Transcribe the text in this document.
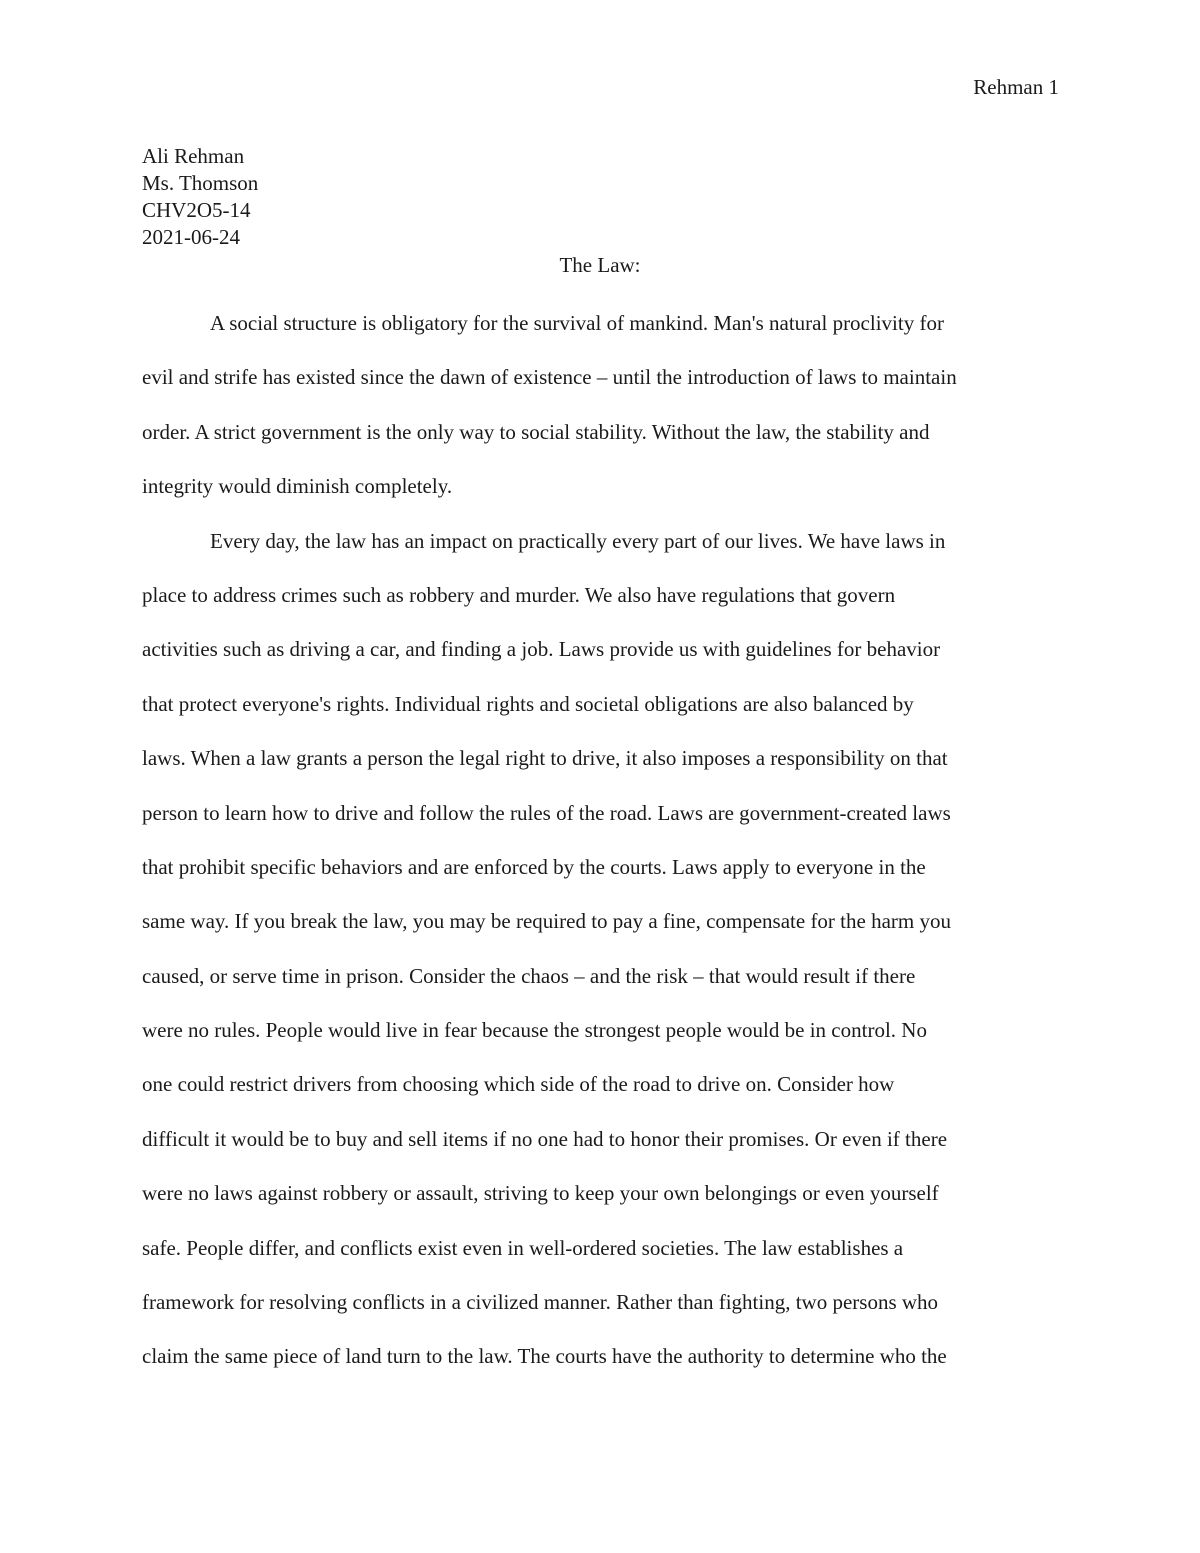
Rehman 1
Ali Rehman
Ms. Thomson
CHV2O5-14
2021-06-24
The Law:
A social structure is obligatory for the survival of mankind. Man's natural proclivity for
evil and strife has existed since the dawn of existence – until the introduction of laws to maintain
order. A strict government is the only way to social stability. Without the law, the stability and
integrity would diminish completely.
Every day, the law has an impact on practically every part of our lives. We have laws in
place to address crimes such as robbery and murder. We also have regulations that govern
activities such as driving a car, and finding a job. Laws provide us with guidelines for behavior
that protect everyone's rights. Individual rights and societal obligations are also balanced by
laws. When a law grants a person the legal right to drive, it also imposes a responsibility on that
person to learn how to drive and follow the rules of the road. Laws are government-created laws
that prohibit specific behaviors and are enforced by the courts. Laws apply to everyone in the
same way. If you break the law, you may be required to pay a fine, compensate for the harm you
caused, or serve time in prison. Consider the chaos – and the risk – that would result if there
were no rules. People would live in fear because the strongest people would be in control. No
one could restrict drivers from choosing which side of the road to drive on. Consider how
difficult it would be to buy and sell items if no one had to honor their promises. Or even if there
were no laws against robbery or assault, striving to keep your own belongings or even yourself
safe. People differ, and conflicts exist even in well-ordered societies. The law establishes a
framework for resolving conflicts in a civilized manner. Rather than fighting, two persons who
claim the same piece of land turn to the law. The courts have the authority to determine who the
